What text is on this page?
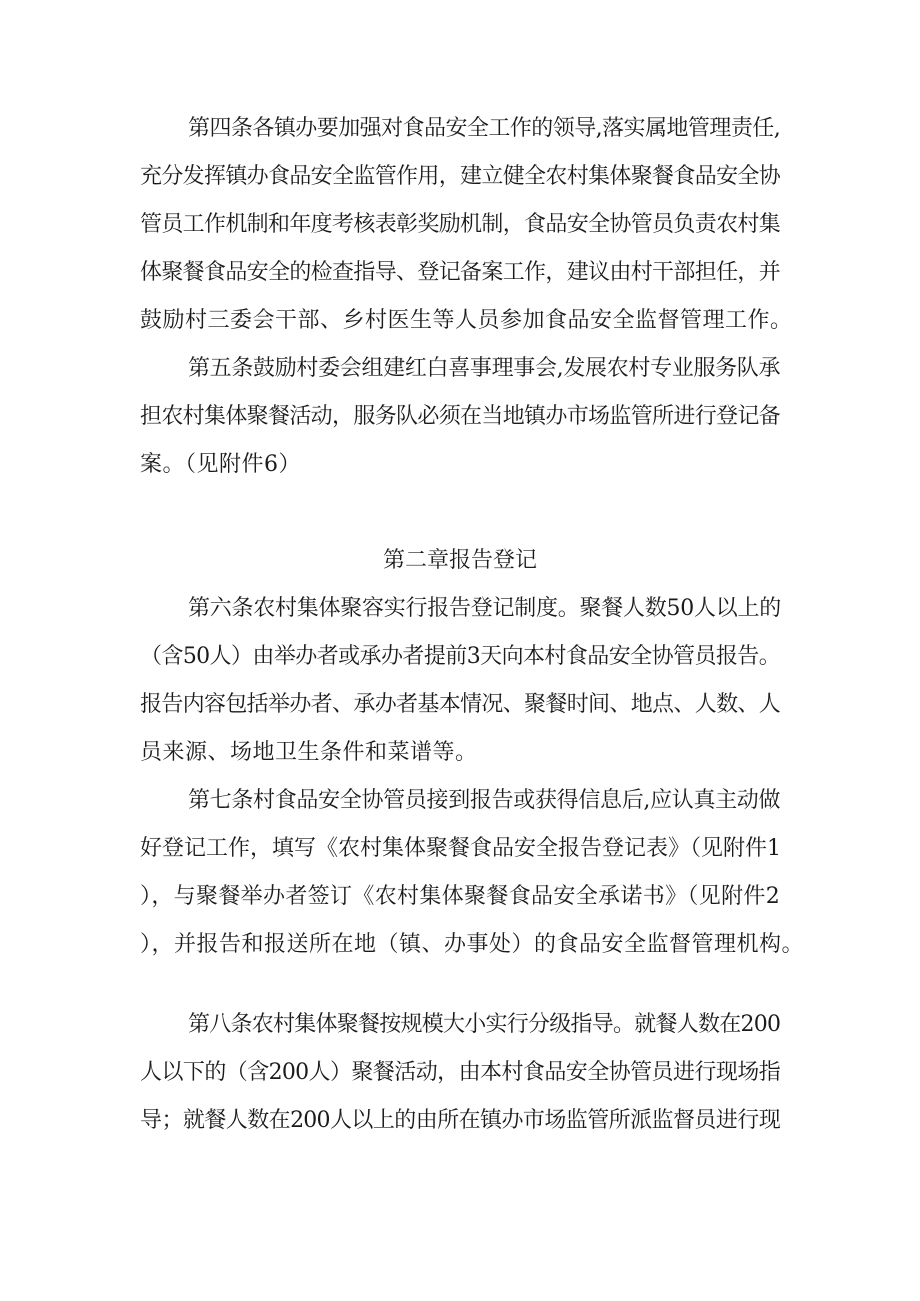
第四条各镇办要加强对食品安全工作的领导,落实属地管理责任,

充分发挥镇办食品安全监管作用，建立健全农村集体聚餐食品安全协

管员工作机制和年度考核表彰奖励机制，食品安全协管员负责农村集

体聚餐食品安全的检查指导、登记备案工作，建议由村干部担任，并

鼓励村三委会干部、乡村医生等人员参加食品安全监督管理工作。

第五条鼓励村委会组建红白喜事理事会,发展农村专业服务队承

担农村集体聚餐活动，服务队必须在当地镇办市场监管所进行登记备

案。（见附件6）

第二章报告登记

第六条农村集体聚容实行报告登记制度。聚餐人数50人以上的

（含50人）由举办者或承办者提前3天向本村食品安全协管员报告。

报告内容包括举办者、承办者基本情况、聚餐时间、地点、人数、人

员来源、场地卫生条件和菜谱等。

第七条村食品安全协管员接到报告或获得信息后,应认真主动做

好登记工作，填写《农村集体聚餐食品安全报告登记表》（见附件1

），与聚餐举办者签订《农村集体聚餐食品安全承诺书》（见附件2

），并报告和报送所在地（镇、办事处）的食品安全监督管理机构。

第八条农村集体聚餐按规模大小实行分级指导。就餐人数在200

人以下的（含200人）聚餐活动，由本村食品安全协管员进行现场指

导；就餐人数在200人以上的由所在镇办市场监管所派监督员进行现
